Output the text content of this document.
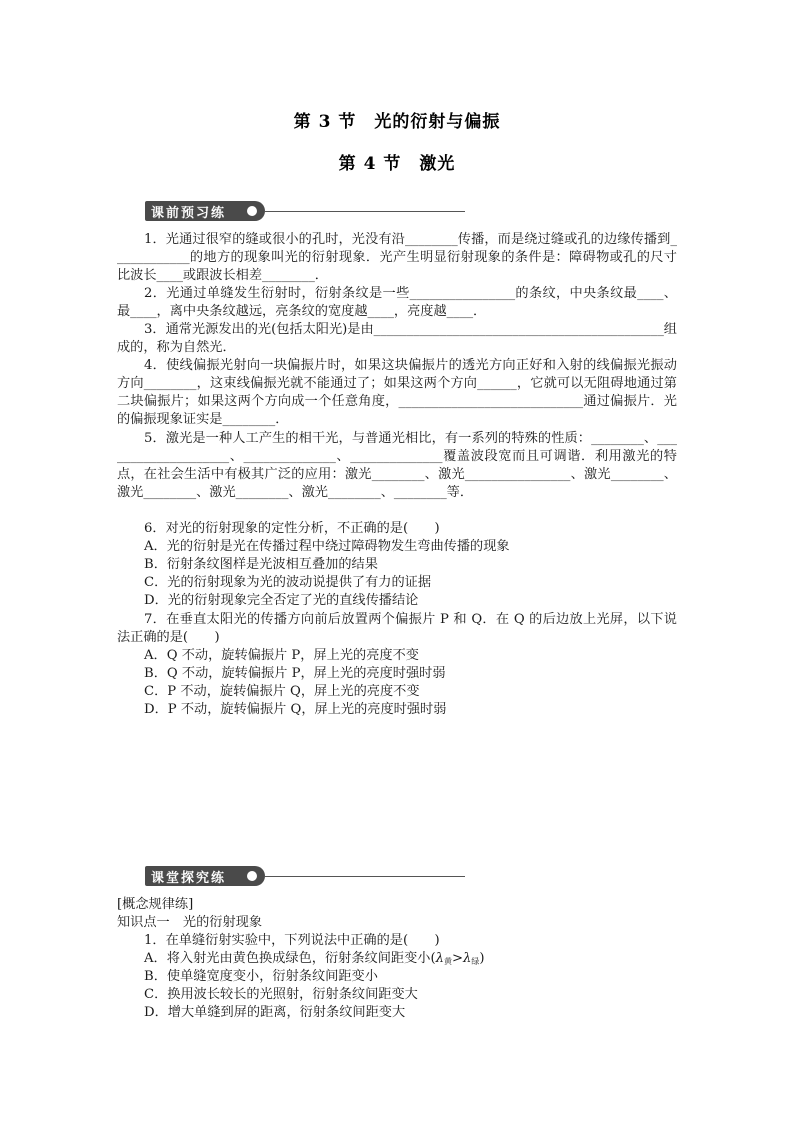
第 3 节　光的衍射与偏振
第 4 节　激光
课前预习练
1．光通过很窄的缝或很小的孔时，光没有沿________传播，而是绕过缝或孔的边缘传播到____________的地方的现象叫光的衍射现象．光产生明显衍射现象的条件是：障碍物或孔的尺寸比波长____或跟波长相差________．
2．光通过单缝发生衍射时，衍射条纹是一些________________的条纹，中央条纹最____、最____，离中央条纹越远，亮条纹的宽度越____，亮度越____．
3．通常光源发出的光(包括太阳光)是由____________________________________________组成的，称为自然光．
4．使线偏振光射向一块偏振片时，如果这块偏振片的透光方向正好和入射的线偏振光振动方向________，这束线偏振光就不能通过了；如果这两个方向______，它就可以无阻碍地通过第二块偏振片；如果这两个方向成一个任意角度，____________________________通过偏振片．光的偏振现象证实是________．
5．激光是一种人工产生的相干光，与普通光相比，有一系列的特殊的性质：________、____________________、______________、______________覆盖波段宽而且可调谐．利用激光的特点，在社会生活中有极其广泛的应用：激光________、激光________________、激光________、激光________、激光________、激光________、________等．
6．对光的衍射现象的定性分析，不正确的是(　　)
A．光的衍射是光在传播过程中绕过障碍物发生弯曲传播的现象
B．衍射条纹图样是光波相互叠加的结果
C．光的衍射现象为光的波动说提供了有力的证据
D．光的衍射现象完全否定了光的直线传播结论
7．在垂直太阳光的传播方向前后放置两个偏振片 P 和 Q．在 Q 的后边放上光屏，以下说法正确的是(　　)
A．Q 不动，旋转偏振片 P，屏上光的亮度不变
B．Q 不动，旋转偏振片 P，屏上光的亮度时强时弱
C．P 不动，旋转偏振片 Q，屏上光的亮度不变
D．P 不动，旋转偏振片 Q，屏上光的亮度时强时弱
课堂探究练
[概念规律练]
知识点一　光的衍射现象
1．在单缝衍射实验中，下列说法中正确的是(　　)
A．将入射光由黄色换成绿色，衍射条纹间距变小$(\lambda_黄>\lambda_绿)$
B．使单缝宽度变小，衍射条纹间距变小
C．换用波长较长的光照射，衍射条纹间距变大
D．增大单缝到屏的距离，衍射条纹间距变大
